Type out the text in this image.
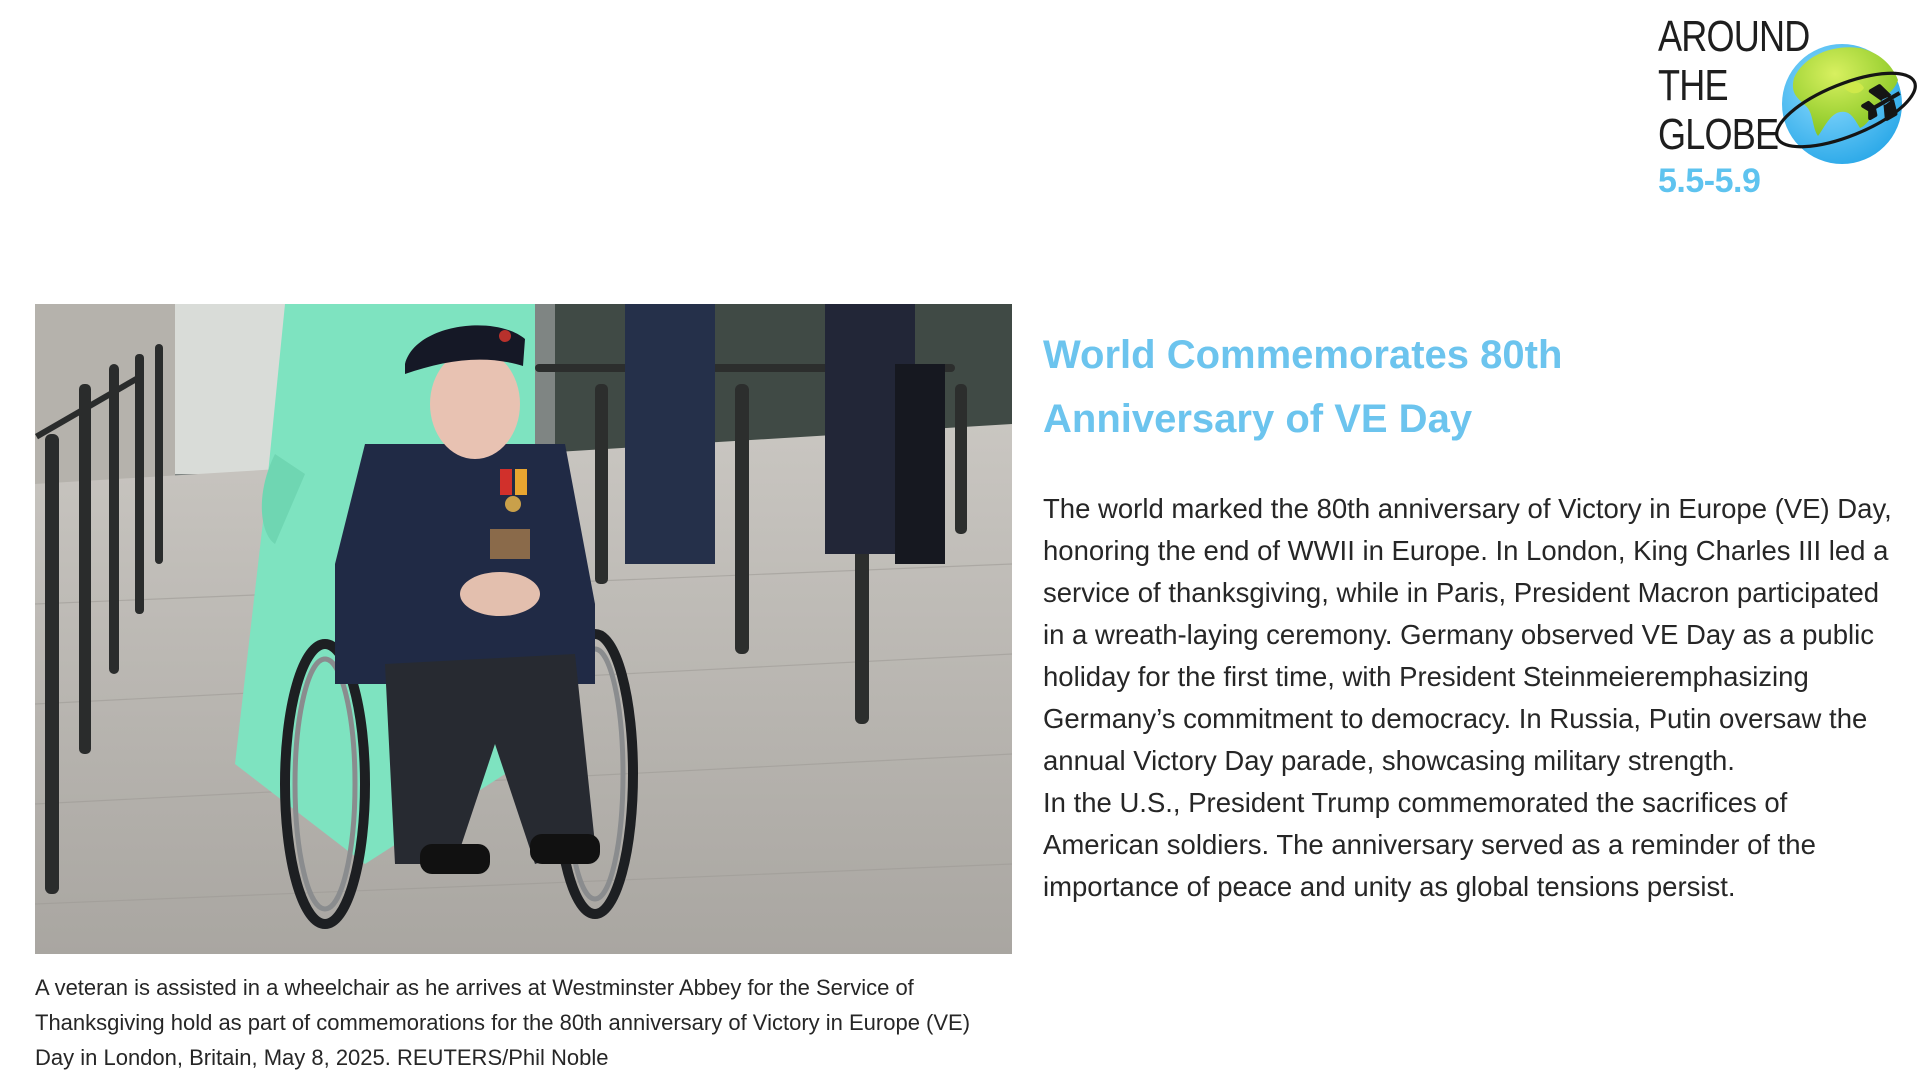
AROUND
THE
GLOBE
5.5-5.9
A veteran is assisted in a wheelchair as he arrives at Westminster Abbey for the Service of Thanksgiving hold as part of commemorations for the 80th anniversary of Victory in Europe (VE) Day in London, Britain, May 8, 2025. REUTERS/Phil Noble
World Commemorates 80th Anniversary of VE Day

The world marked the 80th anniversary of Victory in Europe (VE) Day, honoring the end of WWII in Europe. In London, King Charles III led a service of thanksgiving, while in Paris, President Macron participated in a wreath-laying ceremony. Germany observed VE Day as a public holiday for the first time, with President Steinmeieremphasizing Germany’s commitment to democracy. In Russia, Putin oversaw the annual Victory Day parade, showcasing military strength.

In the U.S., President Trump commemorated the sacrifices of American soldiers. The anniversary served as a reminder of the importance of peace and unity as global tensions persist.
